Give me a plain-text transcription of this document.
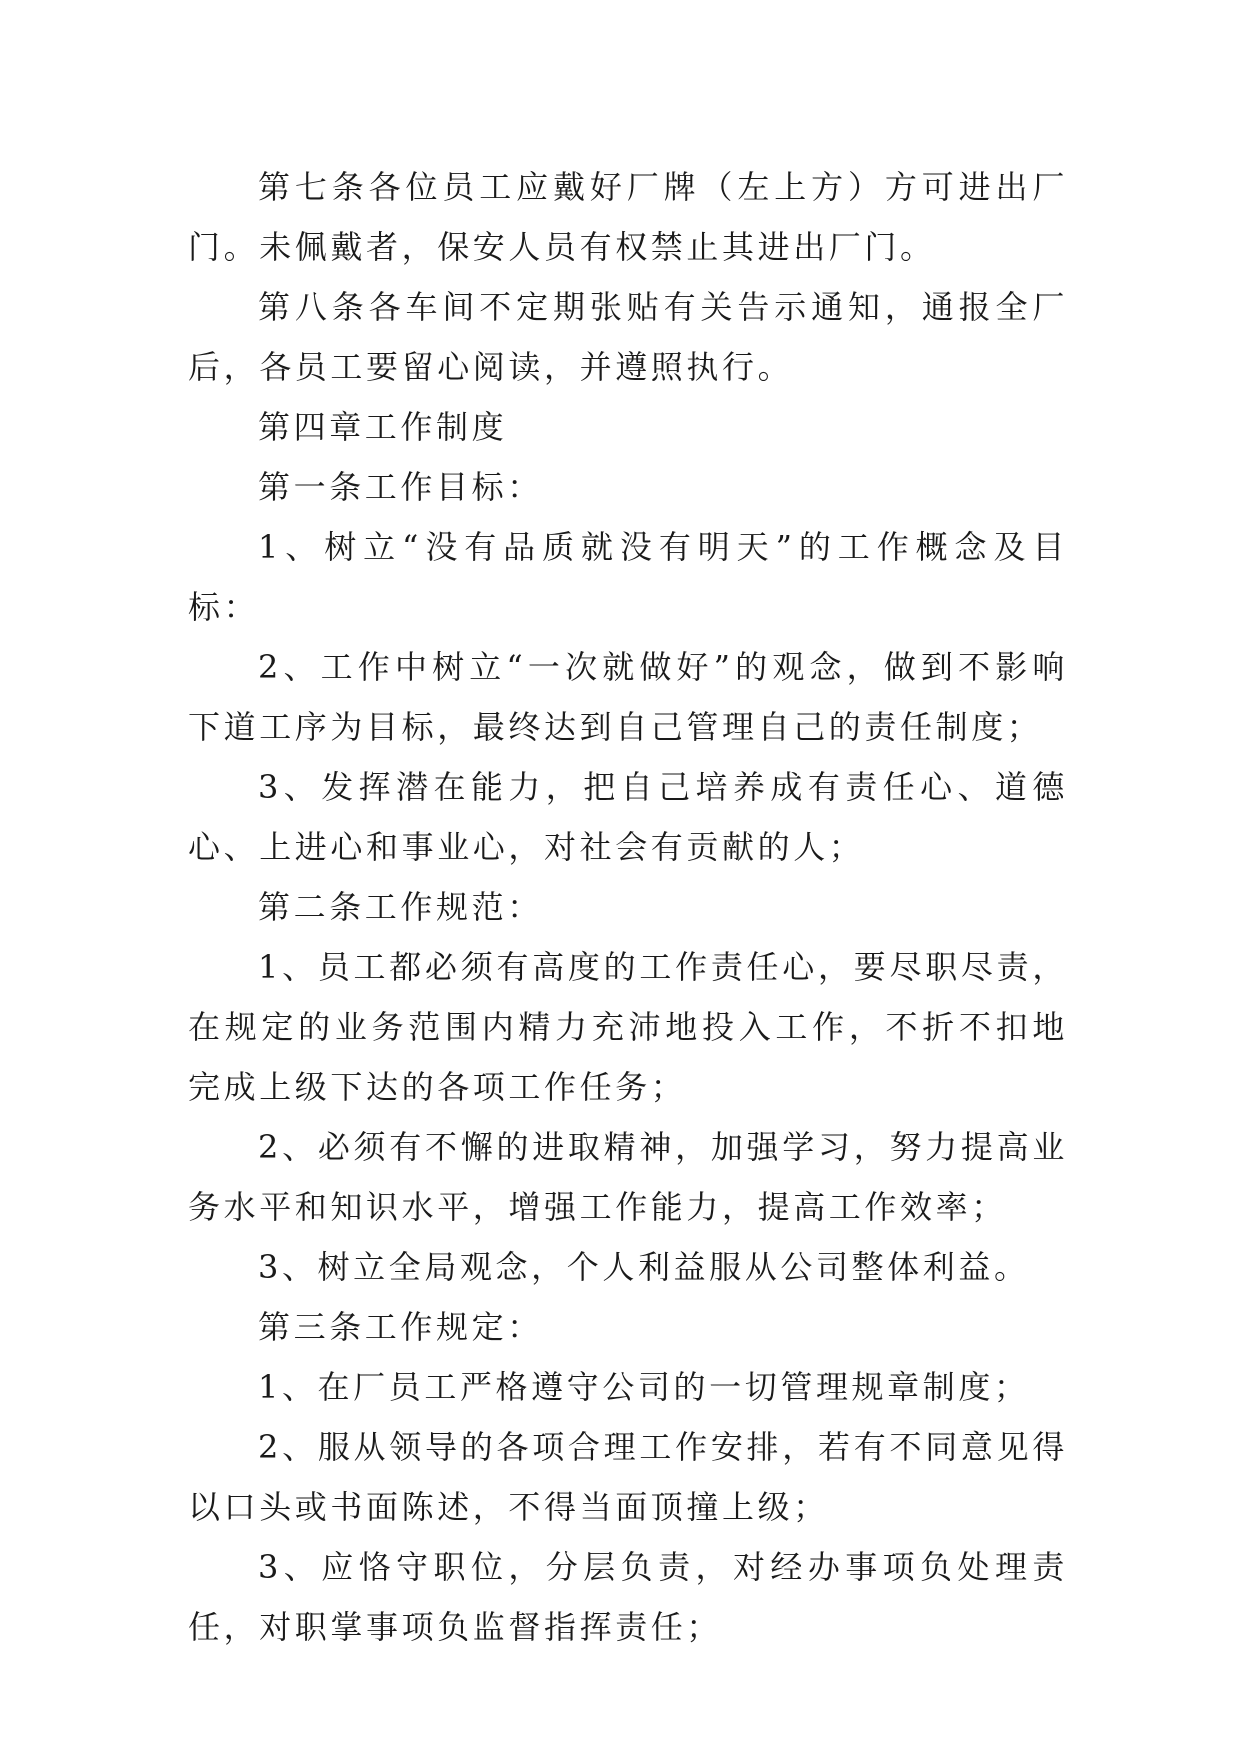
第七条各位员工应戴好厂牌（左上方）方可进出厂门。未佩戴者，保安人员有权禁止其进出厂门。

第八条各车间不定期张贴有关告示通知，通报全厂后，各员工要留心阅读，并遵照执行。

第四章工作制度

第一条工作目标：

1、树立“没有品质就没有明天”的工作概念及目标：

2、工作中树立“一次就做好”的观念，做到不影响下道工序为目标，最终达到自己管理自己的责任制度；

3、发挥潜在能力，把自己培养成有责任心、道德心、上进心和事业心，对社会有贡献的人；

第二条工作规范：

1、员工都必须有高度的工作责任心，要尽职尽责，在规定的业务范围内精力充沛地投入工作，不折不扣地完成上级下达的各项工作任务；

2、必须有不懈的进取精神，加强学习，努力提高业务水平和知识水平，增强工作能力，提高工作效率；

3、树立全局观念，个人利益服从公司整体利益。

第三条工作规定：

1、在厂员工严格遵守公司的一切管理规章制度；

2、服从领导的各项合理工作安排，若有不同意见得以口头或书面陈述，不得当面顶撞上级；

3、应恪守职位，分层负责，对经办事项负处理责任，对职掌事项负监督指挥责任；
